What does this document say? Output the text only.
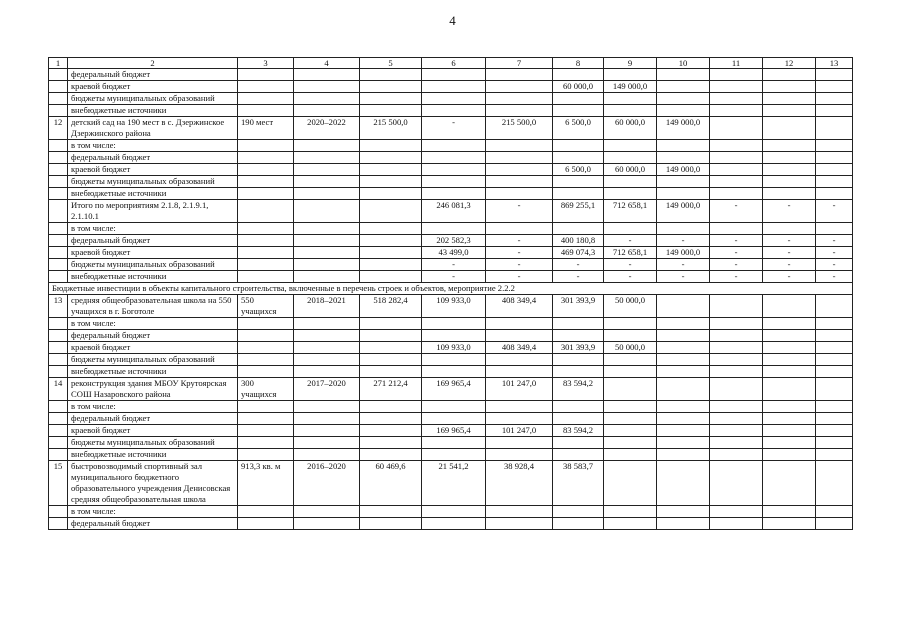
4
1	2	3	4	5	6	7	8	9	10	11	12	13
	федеральный бюджет											
	краевой бюджет						60 000,0	149 000,0				
	бюджеты муниципальных образований											
	внебюджетные источники											
12	детский сад на 190 мест в с. Дзержинское Дзержинского района	190 мест	2020–2022	215 500,0	-	215 500,0	6 500,0	60 000,0	149 000,0			
	в том числе:											
	федеральный бюджет											
	краевой бюджет						6 500,0	60 000,0	149 000,0			
	бюджеты муниципальных образований											
	внебюджетные источники											
	Итого по мероприятиям 2.1.8, 2.1.9.1, 2.1.10.1				246 081,3	-	869 255,1	712 658,1	149 000,0	-	-	-
	в том числе:											
	федеральный бюджет				202 582,3	-	400 180,8	-	-	-	-	-
	краевой бюджет				43 499,0	-	469 074,3	712 658,1	149 000,0	-	-	-
	бюджеты муниципальных образований				-	-	-	-	-	-	-	-
	внебюджетные источники				-	-	-	-	-	-	-	-
Бюджетные инвестиции в объекты капитального строительства, включенные в перечень строек и объектов, мероприятие 2.2.2												
13	средняя общеобразовательная школа на 550 учащихся в г. Боготоле	550 учащихся	2018–2021	518 282,4	109 933,0	408 349,4	301 393,9	50 000,0				
	в том числе:											
	федеральный бюджет											
	краевой бюджет				109 933,0	408 349,4	301 393,9	50 000,0				
	бюджеты муниципальных образований											
	внебюджетные источники											
14	реконструкция здания МБОУ Крутоярская СОШ Назаровского района	300 учащихся	2017–2020	271 212,4	169 965,4	101 247,0	83 594,2					
	в том числе:											
	федеральный бюджет											
	краевой бюджет				169 965,4	101 247,0	83 594,2					
	бюджеты муниципальных образований											
	внебюджетные источники											
15	быстровозводимый спортивный зал муниципального бюджетного образовательного учреждения Денисовская средняя общеобразовательная школа	913,3 кв. м	2016–2020	60 469,6	21 541,2	38 928,4	38 583,7					
	в том числе:											
	федеральный бюджет											
